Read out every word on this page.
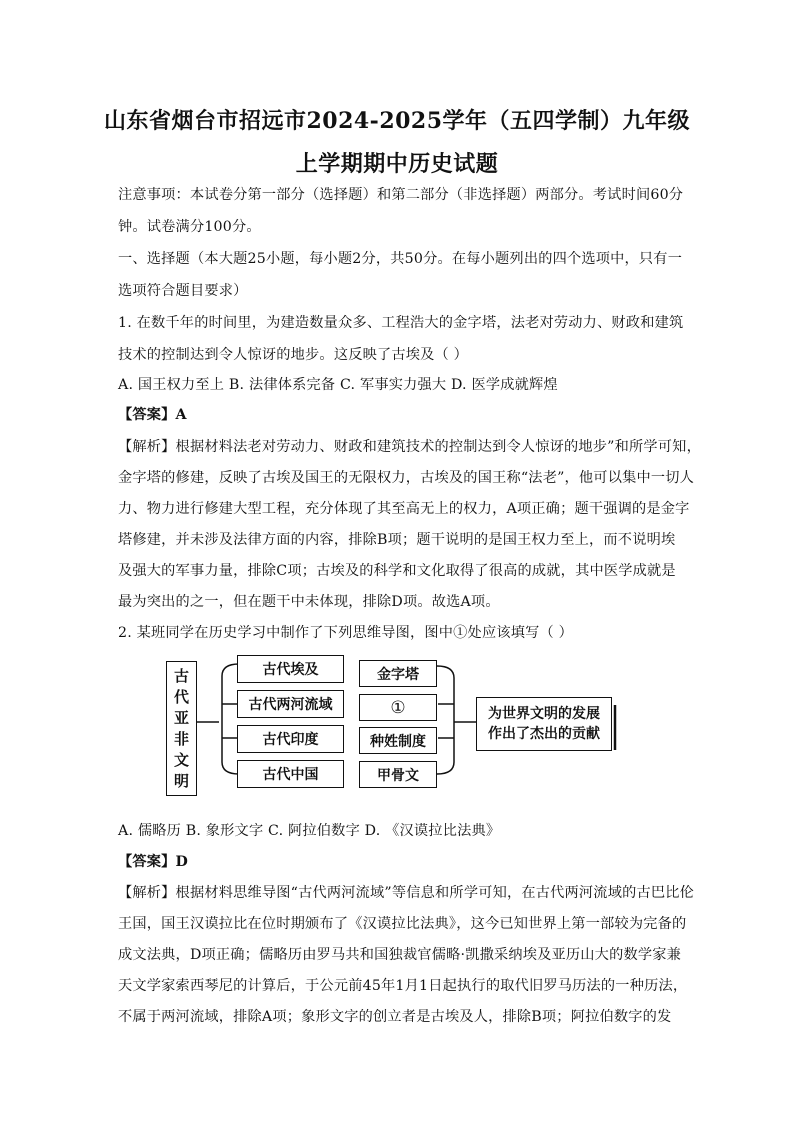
山东省烟台市招远市2024-2025学年（五四学制）九年级
上学期期中历史试题
注意事项：本试卷分第一部分（选择题）和第二部分（非选择题）两部分。考试时间60分
钟。试卷满分100分。
一、选择题（本大题25小题，每小题2分，共50分。在每小题列出的四个选项中，只有一
选项符合题目要求）
1. 在数千年的时间里，为建造数量众多、工程浩大的金字塔，法老对劳动力、财政和建筑
技术的控制达到令人惊讶的地步。这反映了古埃及（ ）
A. 国王权力至上 B. 法律体系完备 C. 军事实力强大 D. 医学成就辉煌
【答案】A
【解析】根据材料法老对劳动力、财政和建筑技术的控制达到令人惊讶的地步”和所学可知，
金字塔的修建，反映了古埃及国王的无限权力，古埃及的国王称“法老”，他可以集中一切人
力、物力进行修建大型工程，充分体现了其至高无上的权力，A项正确；题干强调的是金字
塔修建，并未涉及法律方面的内容，排除B项；题干说明的是国王权力至上，而不说明埃
及强大的军事力量，排除C项；古埃及的科学和文化取得了很高的成就，其中医学成就是
最为突出的之一，但在题干中未体现，排除D项。故选A项。
2. 某班同学在历史学习中制作了下列思维导图，图中①处应该填写（ ）
古
代
亚
非
文
明
古代埃及
古代两河流域
古代印度
古代中国
金字塔
①
种姓制度
甲骨文
为世界文明的发展
作出了杰出的贡献
A. 儒略历 B. 象形文字 C. 阿拉伯数字 D. 《汉谟拉比法典》
【答案】D
【解析】根据材料思维导图“古代两河流域”等信息和所学可知，在古代两河流域的古巴比伦
王国，国王汉谟拉比在位时期颁布了《汉谟拉比法典》，这今已知世界上第一部较为完备的
成文法典，D项正确；儒略历由罗马共和国独裁官儒略·凯撒采纳埃及亚历山大的数学家兼
天文学家索西琴尼的计算后，于公元前45年1月1日起执行的取代旧罗马历法的一种历法，
不属于两河流域，排除A项；象形文字的创立者是古埃及人，排除B项；阿拉伯数字的发
